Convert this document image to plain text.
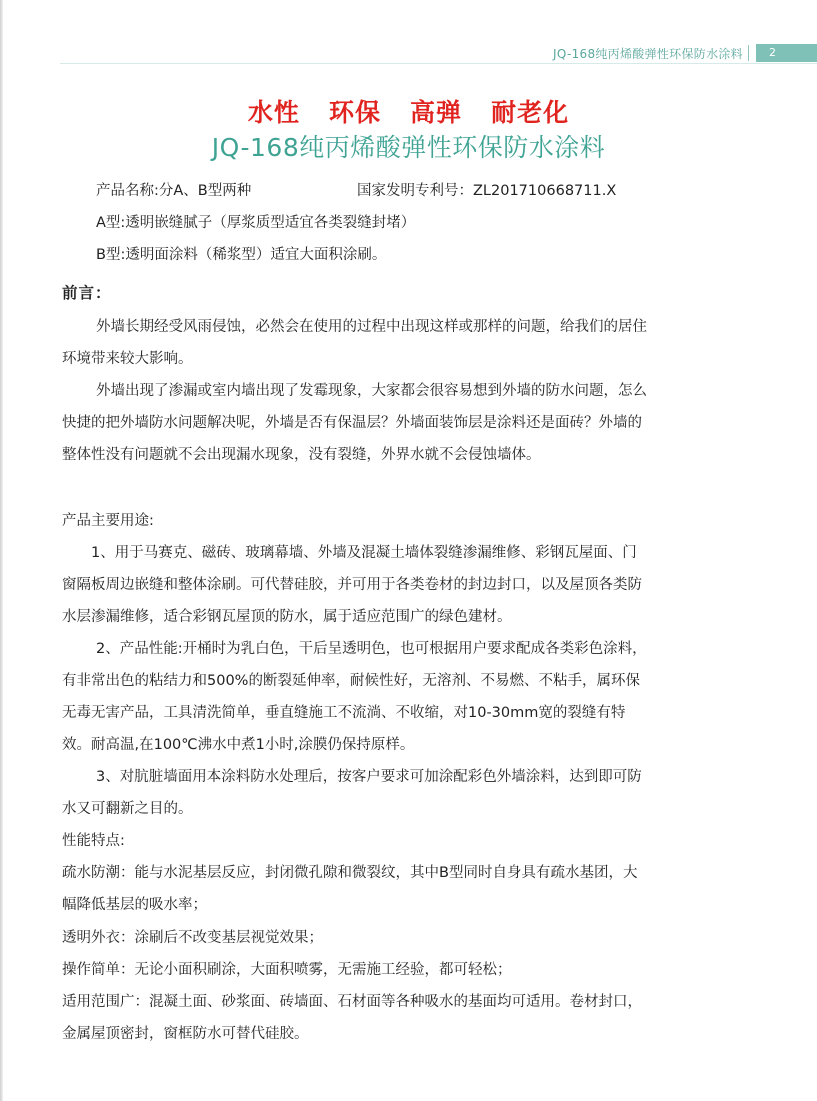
JQ-168纯丙烯酸弹性环保防水涂料	2
水性   环保   高弹   耐老化
JQ-168纯丙烯酸弹性环保防水涂料
产品名称:分A、B型两种	国家发明专利号：ZL201710668711.X
A型:透明嵌缝腻子（厚浆质型适宜各类裂缝封堵）
B型:透明面涂料（稀浆型）适宜大面积涂刷。
前言：
外墙长期经受风雨侵蚀，必然会在使用的过程中出现这样或那样的问题，给我们的居住
环境带来较大影响。
外墙出现了渗漏或室内墙出现了发霉现象，大家都会很容易想到外墙的防水问题，怎么
快捷的把外墙防水问题解决呢，外墙是否有保温层？外墙面装饰层是涂料还是面砖？外墙的
整体性没有问题就不会出现漏水现象，没有裂缝，外界水就不会侵蚀墙体。
产品主要用途:
1、用于马赛克、磁砖、玻璃幕墙、外墙及混凝土墙体裂缝渗漏维修、彩钢瓦屋面、门
窗隔板周边嵌缝和整体涂刷。可代替硅胶，并可用于各类卷材的封边封口，以及屋顶各类防
水层渗漏维修，适合彩钢瓦屋顶的防水，属于适应范围广的绿色建材。
2、产品性能:开桶时为乳白色，干后呈透明色，也可根据用户要求配成各类彩色涂料，
有非常出色的粘结力和500%的断裂延伸率，耐候性好，无溶剂、不易燃、不粘手，属环保
无毒无害产品，工具清洗简单，垂直缝施工不流淌、不收缩，对10-30mm宽的裂缝有特
效。耐高温,在100℃沸水中煮1小时,涂膜仍保持原样。
3、对肮脏墙面用本涂料防水处理后，按客户要求可加涂配彩色外墙涂料，达到即可防
水又可翻新之目的。
性能特点:
疏水防潮：能与水泥基层反应，封闭微孔隙和微裂纹，其中B型同时自身具有疏水基团，大
幅降低基层的吸水率；
透明外衣：涂刷后不改变基层视觉效果；
操作简单：无论小面积刷涂，大面积喷雾，无需施工经验，都可轻松；
适用范围广：混凝土面、砂浆面、砖墙面、石材面等各种吸水的基面均可适用。卷材封口，
金属屋顶密封，窗框防水可替代硅胶。
